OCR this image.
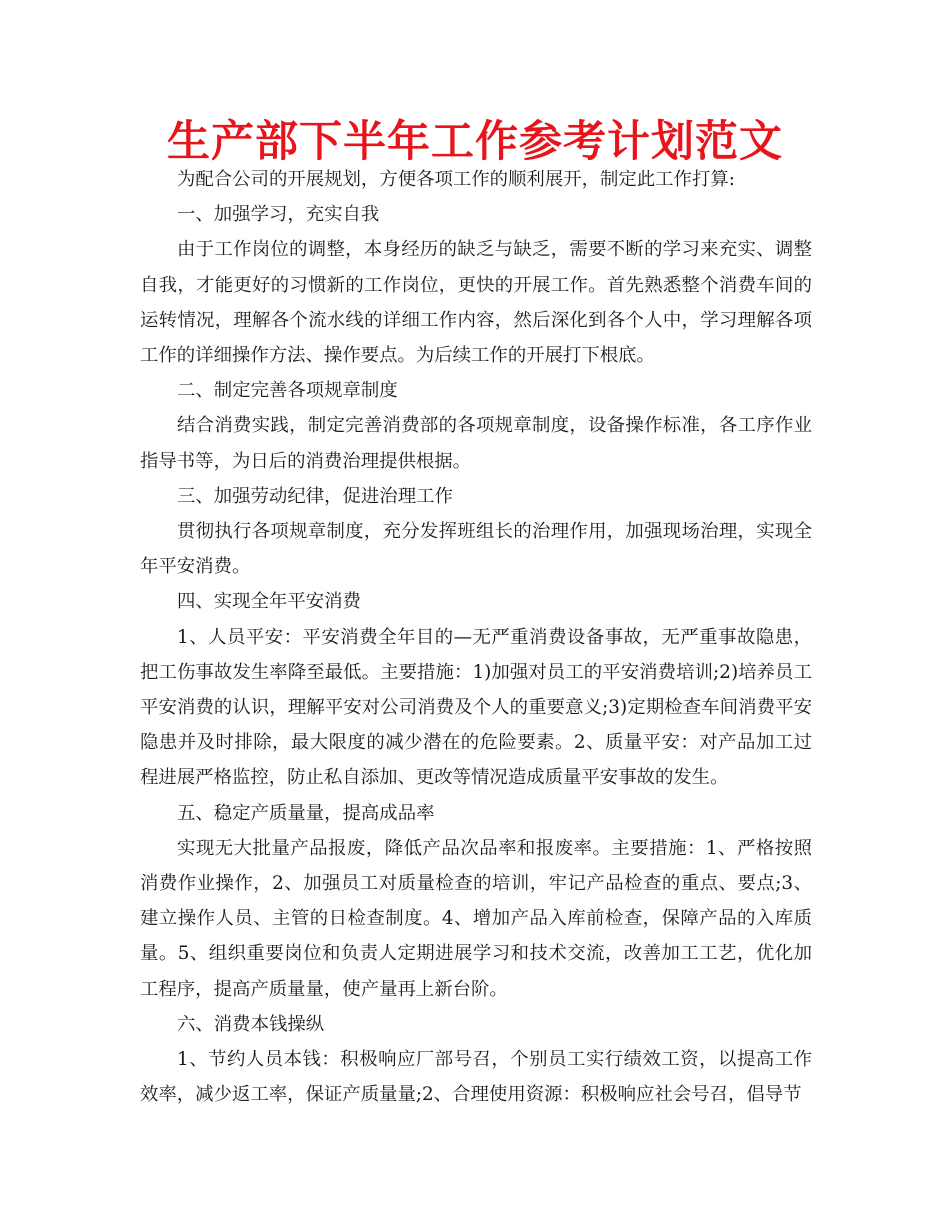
生产部下半年工作参考计划范文

为配合公司的开展规划，方便各项工作的顺利展开，制定此工作打算:

一、加强学习，充实自我

由于工作岗位的调整，本身经历的缺乏与缺乏，需要不断的学习来充实、调整自我，才能更好的习惯新的工作岗位，更快的开展工作。首先熟悉整个消费车间的运转情况，理解各个流水线的详细工作内容，然后深化到各个人中，学习理解各项工作的详细操作方法、操作要点。为后续工作的开展打下根底。

二、制定完善各项规章制度

结合消费实践，制定完善消费部的各项规章制度，设备操作标准，各工序作业指导书等，为日后的消费治理提供根据。

三、加强劳动纪律，促进治理工作

贯彻执行各项规章制度，充分发挥班组长的治理作用，加强现场治理，实现全年平安消费。

四、实现全年平安消费

1、人员平安：平安消费全年目的—无严重消费设备事故，无严重事故隐患，把工伤事故发生率降至最低。主要措施：1)加强对员工的平安消费培训;2)培养员工平安消费的认识，理解平安对公司消费及个人的重要意义;3)定期检查车间消费平安隐患并及时排除，最大限度的减少潜在的危险要素。2、质量平安：对产品加工过程进展严格监控，防止私自添加、更改等情况造成质量平安事故的发生。

五、稳定产质量量，提高成品率

实现无大批量产品报废，降低产品次品率和报废率。主要措施：1、严格按照消费作业操作，2、加强员工对质量检查的培训，牢记产品检查的重点、要点;3、建立操作人员、主管的日检查制度。4、增加产品入库前检查，保障产品的入库质量。5、组织重要岗位和负责人定期进展学习和技术交流，改善加工工艺，优化加工程序，提高产质量量，使产量再上新台阶。

六、消费本钱操纵

1、节约人员本钱：积极响应厂部号召，个别员工实行绩效工资，以提高工作效率，减少返工率，保证产质量量;2、合理使用资源：积极响应社会号召，倡导节
